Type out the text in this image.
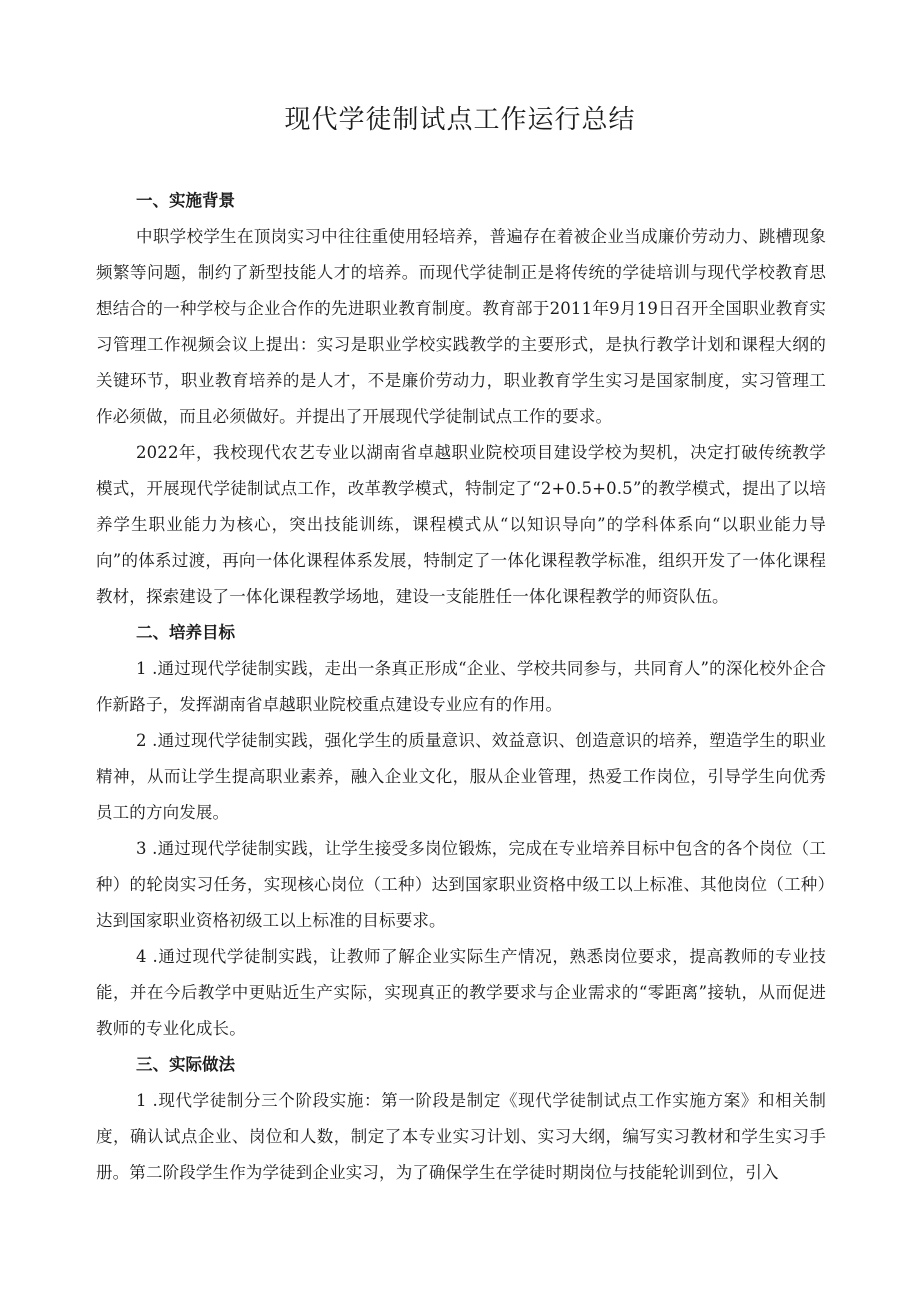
现代学徒制试点工作运行总结
一、实施背景

中职学校学生在顶岗实习中往往重使用轻培养，普遍存在着被企业当成廉价劳动力、跳槽现象频繁等问题，制约了新型技能人才的培养。而现代学徒制正是将传统的学徒培训与现代学校教育思想结合的一种学校与企业合作的先进职业教育制度。教育部于2011年9月19日召开全国职业教育实习管理工作视频会议上提出：实习是职业学校实践教学的主要形式，是执行教学计划和课程大纲的关键环节，职业教育培养的是人才，不是廉价劳动力，职业教育学生实习是国家制度，实习管理工作必须做，而且必须做好。并提出了开展现代学徒制试点工作的要求。

2022年，我校现代农艺专业以湖南省卓越职业院校项目建设学校为契机，决定打破传统教学模式，开展现代学徒制试点工作，改革教学模式，特制定了“2+0.5+0.5”的教学模式，提出了以培养学生职业能力为核心，突出技能训练，课程模式从“以知识导向”的学科体系向“以职业能力导向”的体系过渡，再向一体化课程体系发展，特制定了一体化课程教学标准，组织开发了一体化课程教材，探索建设了一体化课程教学场地，建设一支能胜任一体化课程教学的师资队伍。

二、培养目标

1 .通过现代学徒制实践，走出一条真正形成“企业、学校共同参与，共同育人”的深化校外企合作新路子，发挥湖南省卓越职业院校重点建设专业应有的作用。

2 .通过现代学徒制实践，强化学生的质量意识、效益意识、创造意识的培养，塑造学生的职业精神，从而让学生提高职业素养，融入企业文化，服从企业管理，热爱工作岗位，引导学生向优秀员工的方向发展。

3 .通过现代学徒制实践，让学生接受多岗位锻炼，完成在专业培养目标中包含的各个岗位（工种）的轮岗实习任务，实现核心岗位（工种）达到国家职业资格中级工以上标准、其他岗位（工种）达到国家职业资格初级工以上标准的目标要求。

4 .通过现代学徒制实践，让教师了解企业实际生产情况，熟悉岗位要求，提高教师的专业技能，并在今后教学中更贴近生产实际，实现真正的教学要求与企业需求的“零距离”接轨，从而促进教师的专业化成长。

三、实际做法

1 .现代学徒制分三个阶段实施：第一阶段是制定《现代学徒制试点工作实施方案》和相关制度，确认试点企业、岗位和人数，制定了本专业实习计划、实习大纲，编写实习教材和学生实习手册。第二阶段学生作为学徒到企业实习，为了确保学生在学徒时期岗位与技能轮训到位，引入
